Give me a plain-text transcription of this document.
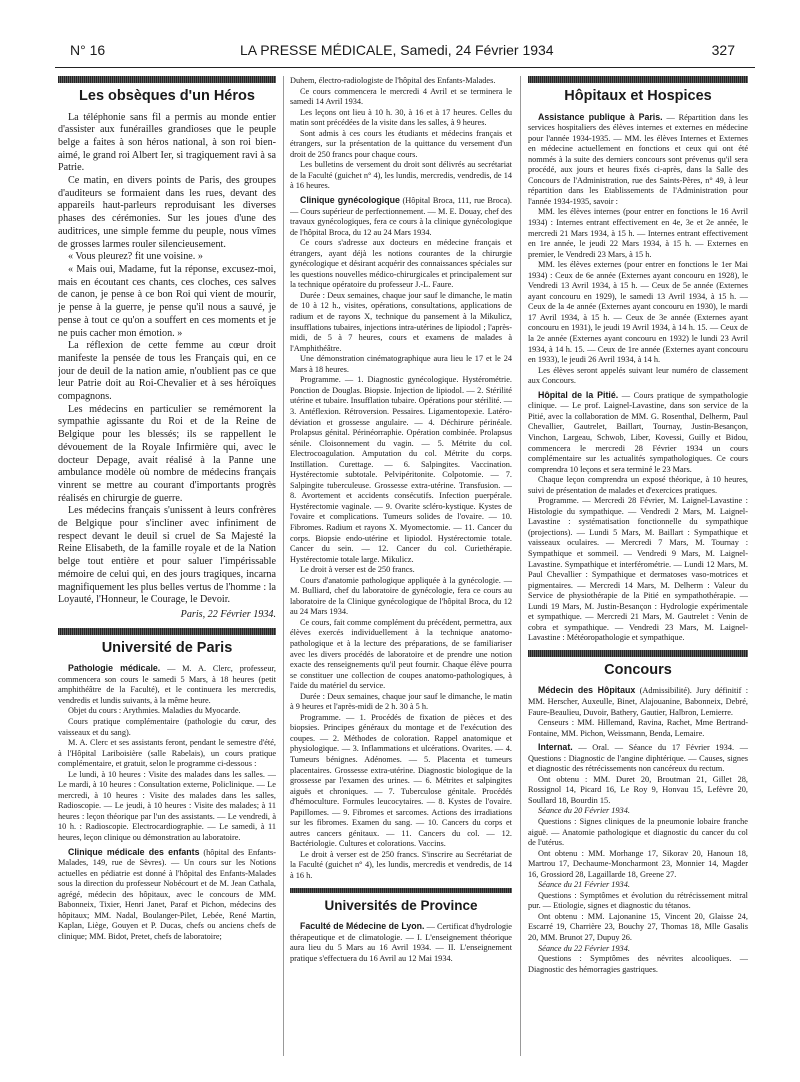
N° 16	LA PRESSE MÉDICALE, Samedi, 24 Février 1934	327
Les obsèques d'un Héros

La téléphonie sans fil a permis au monde entier d'assister aux funérailles grandioses que le peuple belge a faites à son héros national, à son roi bien-aimé, le grand roi Albert Ier, si tragiquement ravi à sa Patrie.

Ce matin, en divers points de Paris, des groupes d'auditeurs se formaient dans les rues, devant des appareils haut-parleurs reproduisant les diverses phases des cérémonies. Sur les joues d'une des auditrices, une simple femme du peuple, nous vîmes de grosses larmes rouler silencieusement.

« Vous pleurez? fit une voisine. »

« Mais oui, Madame, fut la réponse, excusez-moi, mais en écoutant ces chants, ces cloches, ces salves de canon, je pense à ce bon Roi qui vient de mourir, je pense à la guerre, je pense qu'il nous a sauvé, je pense à tout ce qu'on a souffert en ces moments et je ne puis cacher mon émotion. »

La réflexion de cette femme au cœur droit manifeste la pensée de tous les Français qui, en ce jour de deuil de la nation amie, n'oublient pas ce que leur Patrie doit au Roi-Chevalier et à ses héroïques compagnons.

Les médecins en particulier se remémorent la sympathie agissante du Roi et de la Reine de Belgique pour les blessés; ils se rappellent le dévouement de la Royale Infirmière qui, avec le docteur Depage, avait réalisé à la Panne une ambulance modèle où nombre de médecins français vinrent se mettre au courant d'importants progrès réalisés en chirurgie de guerre.

Les médecins français s'unissent à leurs confrères de Belgique pour s'incliner avec infiniment de respect devant le deuil si cruel de Sa Majesté la Reine Elisabeth, de la famille royale et de la Nation belge tout entière et pour saluer l'impérissable mémoire de celui qui, en des jours tragiques, incarna magnifiquement les plus belles vertus de l'homme : la Loyauté, l'Honneur, le Courage, le Devoir.

Paris, 22 Février 1934.
Université de Paris

Pathologie médicale. — M. A. Clerc, professeur, commencera son cours le samedi 5 Mars, à 18 heures (petit amphithéâtre de la Faculté), et le continuera les mercredis, vendredis et lundis suivants, à la même heure.

Objet du cours : Arythmies. Maladies du Myocarde.

Cours pratique complémentaire (pathologie du cœur, des vaisseaux et du sang).

M. A. Clerc et ses assistants feront, pendant le semestre d'été, à l'Hôpital Lariboisière (salle Rabelais), un cours pratique complémentaire, et gratuit, selon le programme ci-dessous :

Le lundi, à 10 heures : Visite des malades dans les salles. — Le mardi, à 10 heures : Consultation externe, Policlinique. — Le mercredi, à 10 heures : Visite des malades dans les salles, Radioscopie. — Le jeudi, à 10 heures : Visite des malades; à 11 heures : leçon théorique par l'un des assistants. — Le vendredi, à 10 h. : Radioscopie. Electrocardiographie. — Le samedi, à 11 heures, leçon clinique ou démonstration au laboratoire.

Clinique médicale des enfants (hôpital des Enfants-Malades, 149, rue de Sèvres). — Un cours sur les Notions actuelles en pédiatrie est donné à l'hôpital des Enfants-Malades sous la direction du professeur Nobécourt et de M. Jean Cathala, agrégé, médecin des hôpitaux, avec le concours de MM. Babonneix, Tixier, Henri Janet, Paraf et Pichon, médecins des hôpitaux; MM. Nadal, Boulanger-Pilet, Lebée, René Martin, Kaplan, Liège, Gouyen et P. Ducas, chefs ou anciens chefs de clinique; MM. Bidot, Pretet, chefs de laboratoire;

Duhem, électro-radiologiste de l'hôpital des Enfants-Malades.

Ce cours commencera le mercredi 4 Avril et se terminera le samedi 14 Avril 1934.

Les leçons ont lieu à 10 h. 30, à 16 et à 17 heures. Celles du matin sont précédées de la visite dans les salles, à 9 heures.

Sont admis à ces cours les étudiants et médecins français et étrangers, sur la présentation de la quittance du versement d'un droit de 250 francs pour chaque cours.

Les bulletins de versement du droit sont délivrés au secrétariat de la Faculté (guichet n° 4), les lundis, mercredis, vendredis, de 14 à 16 heures.

Clinique gynécologique (Hôpital Broca, 111, rue Broca). — Cours supérieur de perfectionnement. — M. E. Douay, chef des travaux gynécologiques, fera ce cours à la clinique gynécologique de l'hôpital Broca, du 12 au 24 Mars 1934.

Ce cours s'adresse aux docteurs en médecine français et étrangers, ayant déjà les notions courantes de la chirurgie gynécologique et désirant acquérir des connaissances spéciales sur les questions nouvelles médico-chirurgicales et principalement sur la technique opératoire du professeur J.-L. Faure.

Durée : Deux semaines, chaque jour sauf le dimanche, le matin de 10 à 12 h., visites, opérations, consultations, applications de radium et de rayons X, technique du pansement à la Mikulicz, insufflations tubaires, injections intra-utérines de lipiodol ; l'après-midi, de 5 à 7 heures, cours et examens de malades à l'Amphithéâtre.

Une démonstration cinématographique aura lieu le 17 et le 24 Mars à 18 heures.

Programme. — 1. Diagnostic gynécologique. Hystérométrie. Ponction de Douglas. Biopsie. Injection de lipiodol. — 2. Stérilité utérine et tubaire. Insufflation tubaire. Opérations pour stérilité. — 3. Antéflexion. Rétroversion. Pessaires. Ligamentopexie. Latéro-déviation et grossesse angulaire. — 4. Déchirure périnéale. Prolapsus génital. Périnéorraphie. Opération combinée. Prolapsus sénile. Cloisonnement du vagin. — 5. Métrite du col. Electrocoagulation. Amputation du col. Métrite du corps. Instillation. Curettage. — 6. Salpingites. Vaccination. Hystérectomie subtotale. Pelvipéritonite. Colpotomie. — 7. Salpingite tuberculeuse. Grossesse extra-utérine. Transfusion. — 8. Avortement et accidents consécutifs. Infection puerpérale. Hystérectomie vaginale. — 9. Ovarite scléro-kystique. Kystes de l'ovaire et complications. Tumeurs solides de l'ovaire. — 10. Fibromes. Radium et rayons X. Myomectomie. — 11. Cancer du corps. Biopsie endo-utérine et lipiodol. Hystérectomie totale. Cancer du sein. — 12. Cancer du col. Curiethérapie. Hystérectomie totale large. Mikulicz.

Le droit à verser est de 250 francs.

Cours d'anatomie pathologique appliquée à la gynécologie. — M. Bulliard, chef du laboratoire de gynécologie, fera ce cours au laboratoire de la Clinique gynécologique de l'hôpital Broca, du 12 au 24 Mars 1934.

Ce cours, fait comme complément du précédent, permettra, aux élèves exercés individuellement à la technique anatomo-pathologique et à la lecture des préparations, de se familiariser avec les divers procédés de laboratoire et de prendre une notion exacte des renseignements qu'il peut fournir. Chaque élève pourra se constituer une collection de coupes anatomo-pathologiques, à l'aide du matériel du service.

Durée : Deux semaines, chaque jour sauf le dimanche, le matin à 9 heures et l'après-midi de 2 h. 30 à 5 h.

Programme. — 1. Procédés de fixation de pièces et des biopsies. Principes généraux du montage et de l'exécution des coupes. — 2. Méthodes de coloration. Rappel anatomique et physiologique. — 3. Inflammations et ulcérations. Ovarites. — 4. Tumeurs bénignes. Adénomes. — 5. Placenta et tumeurs placentaires. Grossesse extra-utérine. Diagnostic biologique de la grossesse par l'examen des urines. — 6. Métrites et salpingites aiguës et chroniques. — 7. Tuberculose génitale. Procédés d'hémoculture. Formules leucocytaires. — 8. Kystes de l'ovaire. Papillomes. — 9. Fibromes et sarcomes. Actions des irradiations sur les fibromes. Examen du sang. — 10. Cancers du corps et autres cancers génitaux. — 11. Cancers du col. — 12. Bactériologie. Cultures et colorations. Vaccins.

Le droit à verser est de 250 francs. S'inscrire au Secrétariat de la Faculté (guichet n° 4), les lundis, mercredis et vendredis, de 14 à 16 h.

Universités de Province

Faculté de Médecine de Lyon. — Certificat d'hydrologie thérapeutique et de climatologie. — I. L'enseignement théorique aura lieu du 5 Mars au 16 Avril 1934. — II. L'enseignement pratique s'effectuera du 16 Avril au 12 Mai 1934.

Hôpitaux et Hospices

Assistance publique à Paris. — Répartition dans les services hospitaliers des élèves internes et externes en médecine pour l'année 1934-1935. — MM. les élèves Internes et Externes en médecine actuellement en fonctions et ceux qui ont été nommés à la suite des derniers concours sont prévenus qu'il sera procédé, aux jours et heures fixés ci-après, dans la Salle des Concours de l'Administration, rue des Saints-Pères, n° 49, à leur répartition dans les Etablissements de l'Administration pour l'année 1934-1935, savoir :

MM. les élèves internes (pour entrer en fonctions le 16 Avril 1934) : Internes entrant effectivement en 4e, 3e et 2e année, le mercredi 21 Mars 1934, à 15 h. — Internes entrant effectivement en 1re année, le jeudi 22 Mars 1934, à 15 h. — Externes en premier, le Vendredi 23 Mars, à 15 h.

MM. les élèves externes (pour entrer en fonctions le 1er Mai 1934) : Ceux de 6e année (Externes ayant concouru en 1928), le Vendredi 13 Avril 1934, à 15 h. — Ceux de 5e année (Externes ayant concouru en 1929), le samedi 13 Avril 1934, à 15 h. — Ceux de la 4e année (Externes ayant concouru en 1930), le mardi 17 Avril 1934, à 15 h. — Ceux de 3e année (Externes ayant concouru en 1931), le jeudi 19 Avril 1934, à 14 h. 15. — Ceux de la 2e année (Externes ayant concouru en 1932) le lundi 23 Avril 1934, à 14 h. 15. — Ceux de 1re année (Externes ayant concouru en 1933), le jeudi 26 Avril 1934, à 14 h.

Les élèves seront appelés suivant leur numéro de classement aux Concours.

Hôpital de la Pitié. — Cours pratique de sympathologie clinique. — Le prof. Laignel-Lavastine, dans son service de la Pitié, avec la collaboration de MM. G. Rosenthal, Delherm, Paul Chevallier, Gautrelet, Baillart, Tournay, Justin-Besançon, Vinchon, Largeau, Schwob, Liber, Kovessi, Guilly et Bidou, commencera le mercredi 28 Février 1934 un cours complémentaire sur les actualités sympathologiques. Ce cours comprendra 10 leçons et sera terminé le 23 Mars.

Chaque leçon comprendra un exposé théorique, à 10 heures, suivi de présentation de malades et d'exercices pratiques.

Programme. — Mercredi 28 Février, M. Laignel-Lavastine : Histologie du sympathique. — Vendredi 2 Mars, M. Laignel-Lavastine : systématisation fonctionnelle du sympathique (projections). — Lundi 5 Mars, M. Baillart : Sympathique et vaisseaux oculaires. — Mercredi 7 Mars, M. Tournay : Sympathique et sommeil. — Vendredi 9 Mars, M. Laignel-Lavastine. Sympathique et interférométrie. — Lundi 12 Mars, M. Paul Chevallier : Sympathique et dermatoses vaso-motrices et pigmentaires. — Mercredi 14 Mars, M. Delherm : Valeur du Service de physiothérapie de la Pitié en sympathothérapie. — Lundi 19 Mars, M. Justin-Besançon : Hydrologie expérimentale et sympathique. — Mercredi 21 Mars, M. Gautrelet : Venin de cobra et sympathique. — Vendredi 23 Mars, M. Laignel-Lavastine : Météoropathologie et sympathique.

Concours

Médecin des Hôpitaux (Admissibilité). Jury définitif : MM. Herscher, Auxeulle, Binet, Alajouanine, Babonneix, Debré, Faure-Beaulieu, Duvoir, Bathery, Gautier, Halbron, Lemierre.

Censeurs : MM. Hillemand, Ravina, Rachet, Mme Bertrand-Fontaine, MM. Pichon, Weissmann, Benda, Lemaire.

Internat. — Oral. — Séance du 17 Février 1934. — Questions : Diagnostic de l'angine diphtérique. — Causes, signes et diagnostic des rétrécissements non cancéreux du rectum.

Ont obtenu : MM. Duret 20, Broutman 21, Gillet 28, Rossignol 14, Picard 16, Le Roy 9, Honvau 15, Lefèvre 20, Soullard 18, Bourdin 15.

Séance du 20 Février 1934.

Questions : Signes cliniques de la pneumonie lobaire franche aiguë. — Anatomie pathologique et diagnostic du cancer du col de l'utérus.

Ont obtenu : MM. Morhange 17, Sikorav 20, Hanoun 18, Martrou 17, Dechaume-Moncharmont 23, Monnier 14, Magder 16, Grossiord 28, Lagaillarde 18, Greene 27.

Séance du 21 Février 1934.

Questions : Symptômes et évolution du rétrécissement mitral pur. — Etiologie, signes et diagnostic du tétanos.

Ont obtenu : MM. Lajonanine 15, Vincent 20, Glaisse 24, Escarré 19, Charrière 23, Bouchy 27, Thomas 18, Mlle Gasalis 20, MM. Brunot 27, Dupuy 26.

Séance du 22 Février 1934.

Questions : Symptômes des névrites alcooliques. — Diagnostic des hémorragies gastriques.
